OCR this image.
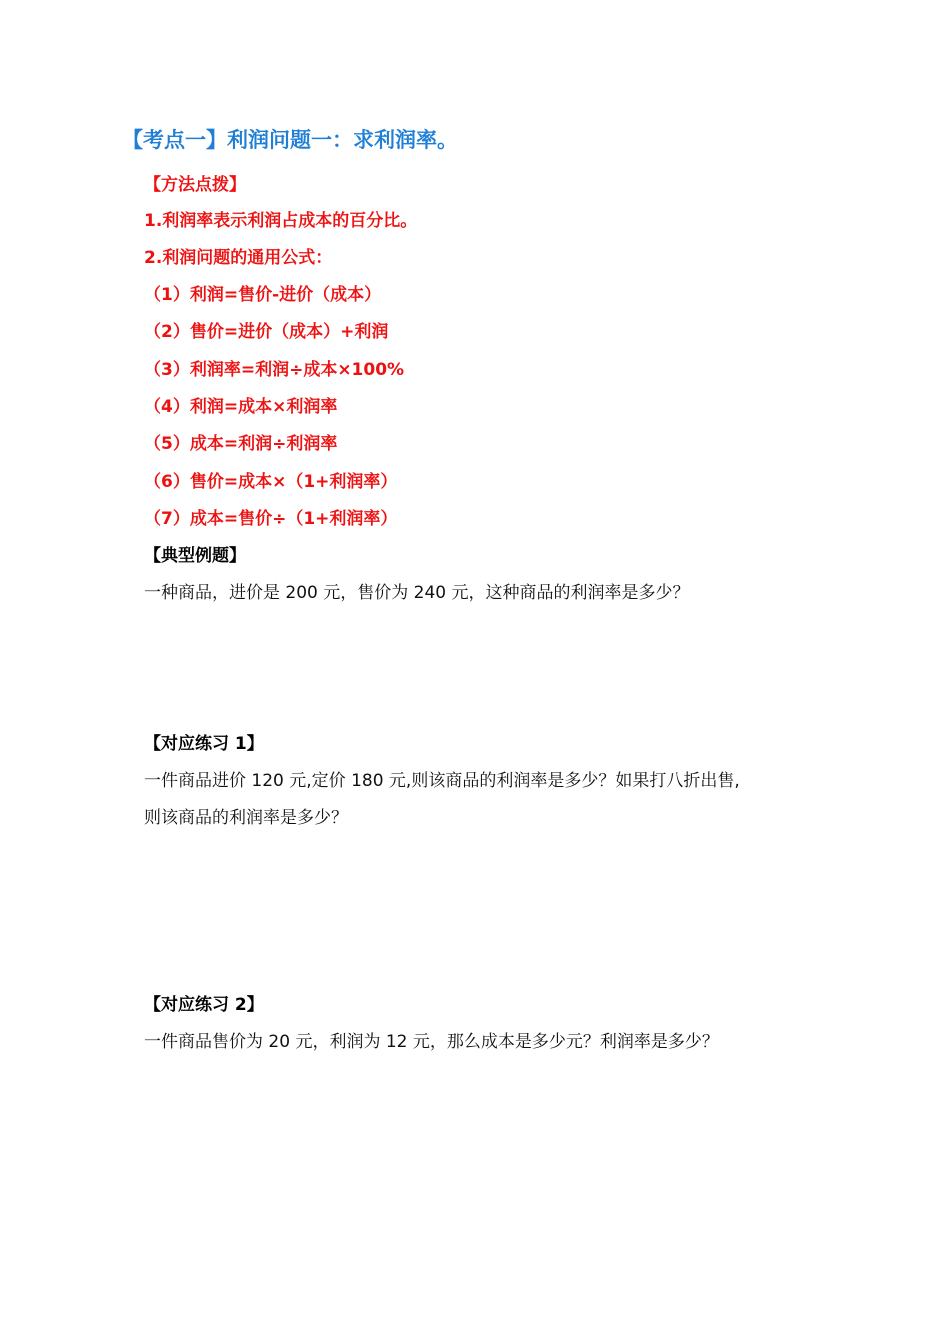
【考点一】利润问题一：求利润率。
【方法点拨】
1.利润率表示利润占成本的百分比。
2.利润问题的通用公式：
（1）利润=售价-进价（成本）
（2）售价=进价（成本）+利润
（3）利润率=利润÷成本×100%
（4）利润=成本×利润率
（5）成本=利润÷利润率
（6）售价=成本×（1+利润率）
（7）成本=售价÷（1+利润率）
【典型例题】
一种商品，进价是 200 元，售价为 240 元，这种商品的利润率是多少？
【对应练习 1】
一件商品进价 120 元,定价 180 元,则该商品的利润率是多少？如果打八折出售,
则该商品的利润率是多少？
【对应练习 2】
一件商品售价为 20 元，利润为 12 元，那么成本是多少元？利润率是多少？
